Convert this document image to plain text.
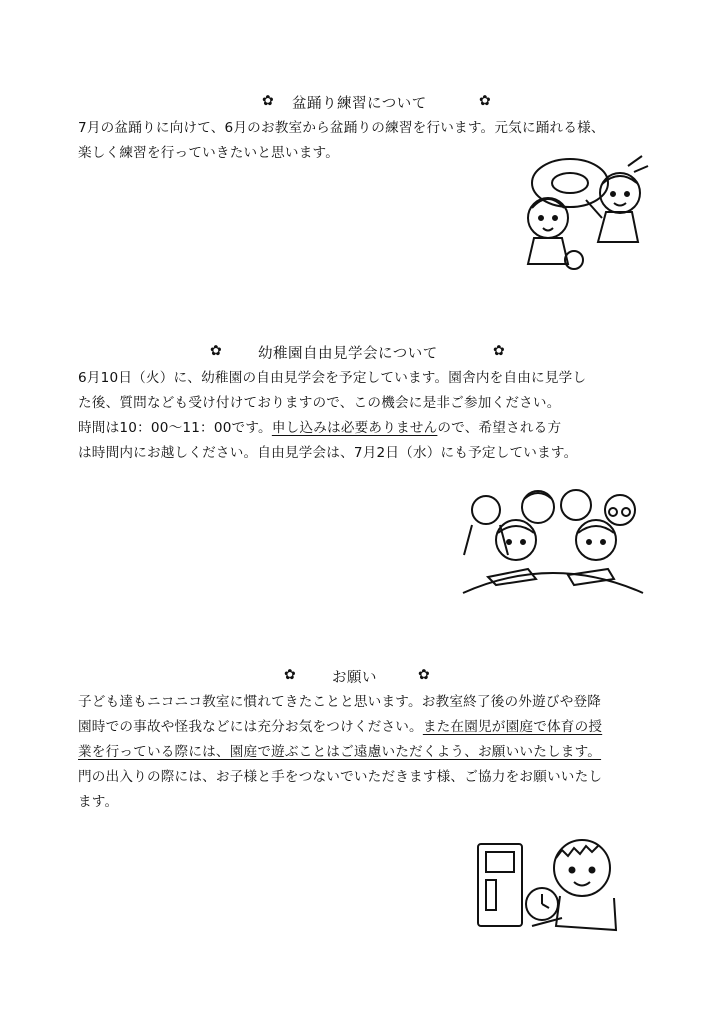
✿ 盆踊り練習について	✿

7月の盆踊りに向けて、6月のお教室から盆踊りの練習を行います。元気に踊れる様、

楽しく練習を行っていきたいと思います。

✿	幼稚園自由見学会について	✿

6月10日（火）に、幼稚園の自由見学会を予定しています。園舎内を自由に見学し

た後、質問なども受け付けておりますので、この機会に是非ご参加ください。

時間は10：00～11：00です。申し込みは必要ありませんので、希望される方

は時間内にお越しください。自由見学会は、7月2日（水）にも予定しています。

✿	お願い	✿

子ども達もニコニコ教室に慣れてきたことと思います。お教室終了後の外遊びや登降

園時での事故や怪我などには充分お気をつけください。また在園児が園庭で体育の授

業を行っている際には、園庭で遊ぶことはご遠慮いただくよう、お願いいたします。

門の出入りの際には、お子様と手をつないでいただきます様、ご協力をお願いいたし

ます。
